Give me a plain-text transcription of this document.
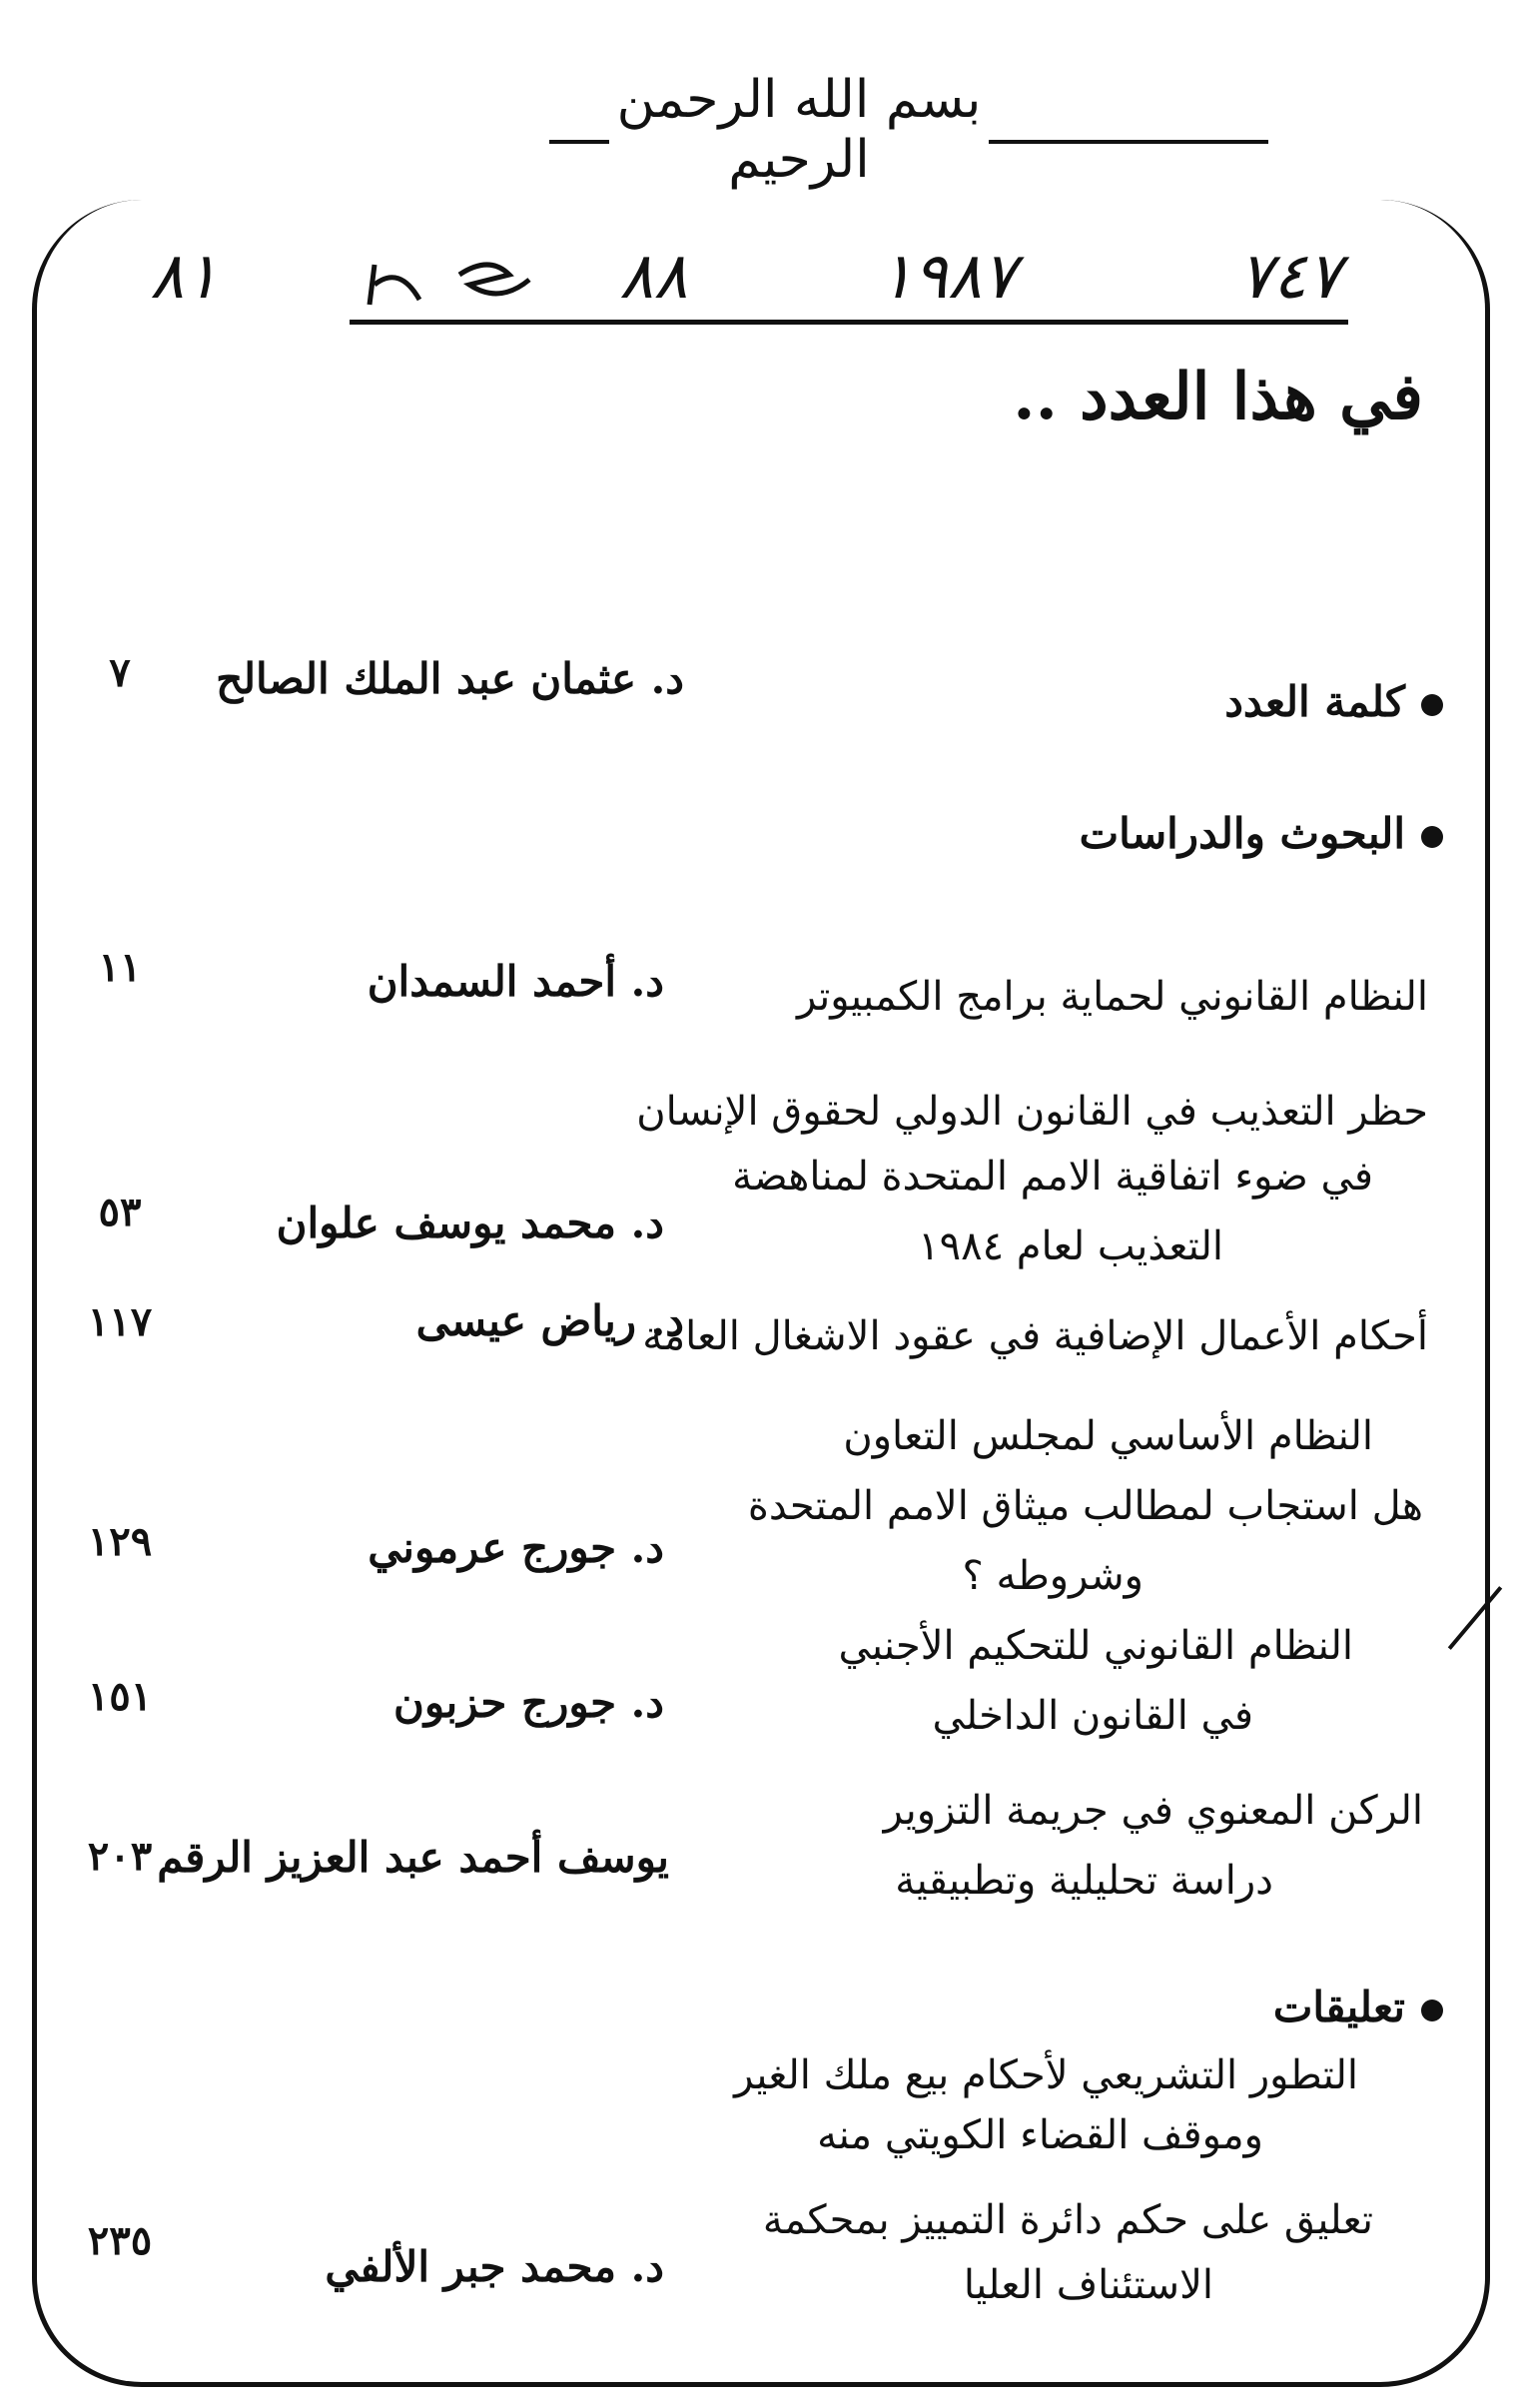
بسم الله الرحمن الرحيم
٧٤٧
١٩٨٧
٨٨
٨١
في هذا العدد ..
كلمة العدد
د. عثمان عبد الملك الصالح
٧
البحوث والدراسات
النظام القانوني لحماية برامج الكمبيوتر
د. أحمد السمدان
١١
حظر التعذيب في القانون الدولي لحقوق الإنسان
في ضوء اتفاقية الامم المتحدة لمناهضة
التعذيب لعام ١٩٨٤
د. محمد يوسف علوان
٥٣
أحكام الأعمال الإضافية في عقود الاشغال العامة
د. رياض عيسى
١١٧
النظام الأساسي لمجلس التعاون
هل استجاب لمطالب ميثاق الامم المتحدة
وشروطه ؟
د. جورج عرموني
١٢٩
النظام القانوني للتحكيم الأجنبي
في القانون الداخلي
د. جورج حزبون
١٥١
الركن المعنوي في جريمة التزوير
دراسة تحليلية وتطبيقية
يوسف أحمد عبد العزيز الرقم
٢٠٣
تعليقات
التطور التشريعي لأحكام بيع ملك الغير
وموقف القضاء الكويتي منه
تعليق على حكم دائرة التمييز بمحكمة
الاستئناف العليا
د. محمد جبر الألفي
٢٣٥
